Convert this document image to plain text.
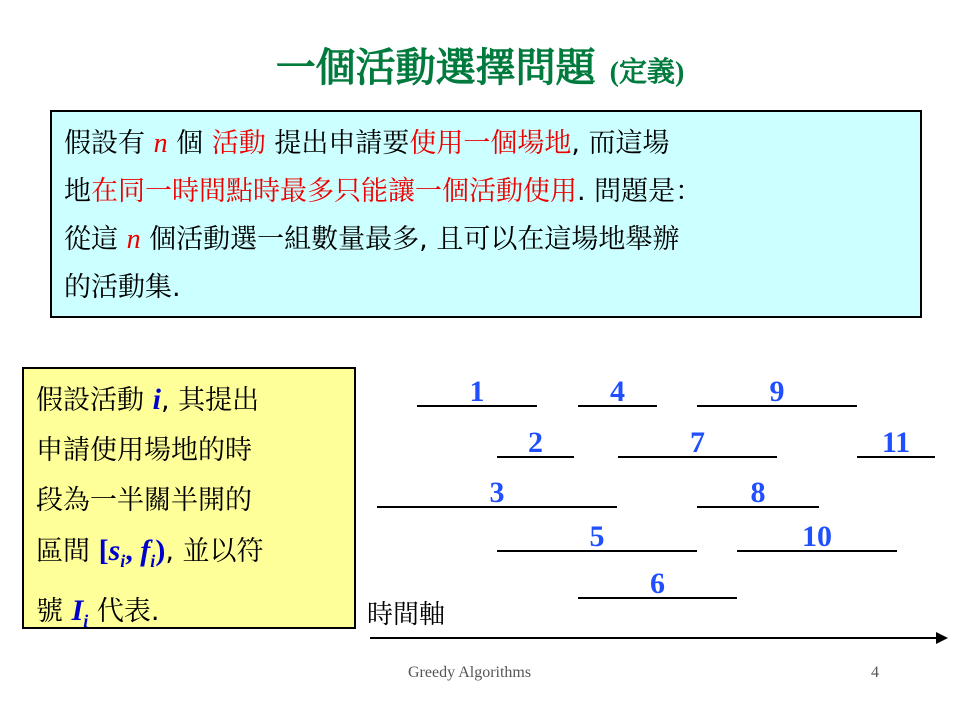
一個活動選擇問題 (定義)
假設有 n 個 活動 提出申請要使用一個場地, 而這場
地在同一時間點時最多只能讓一個活動使用. 問題是：
從這 n 個活動選一組數量最多, 且可以在這場地舉辦
的活動集.
假設活動 i, 其提出
申請使用場地的時
段為一半關半開的
區間 [$s_i$, $f_i$), 並以符
號 $I_i$ 代表.
1	4	9
2	7	11
3	8
5	10
6
時間軸
Greedy Algorithms	4
